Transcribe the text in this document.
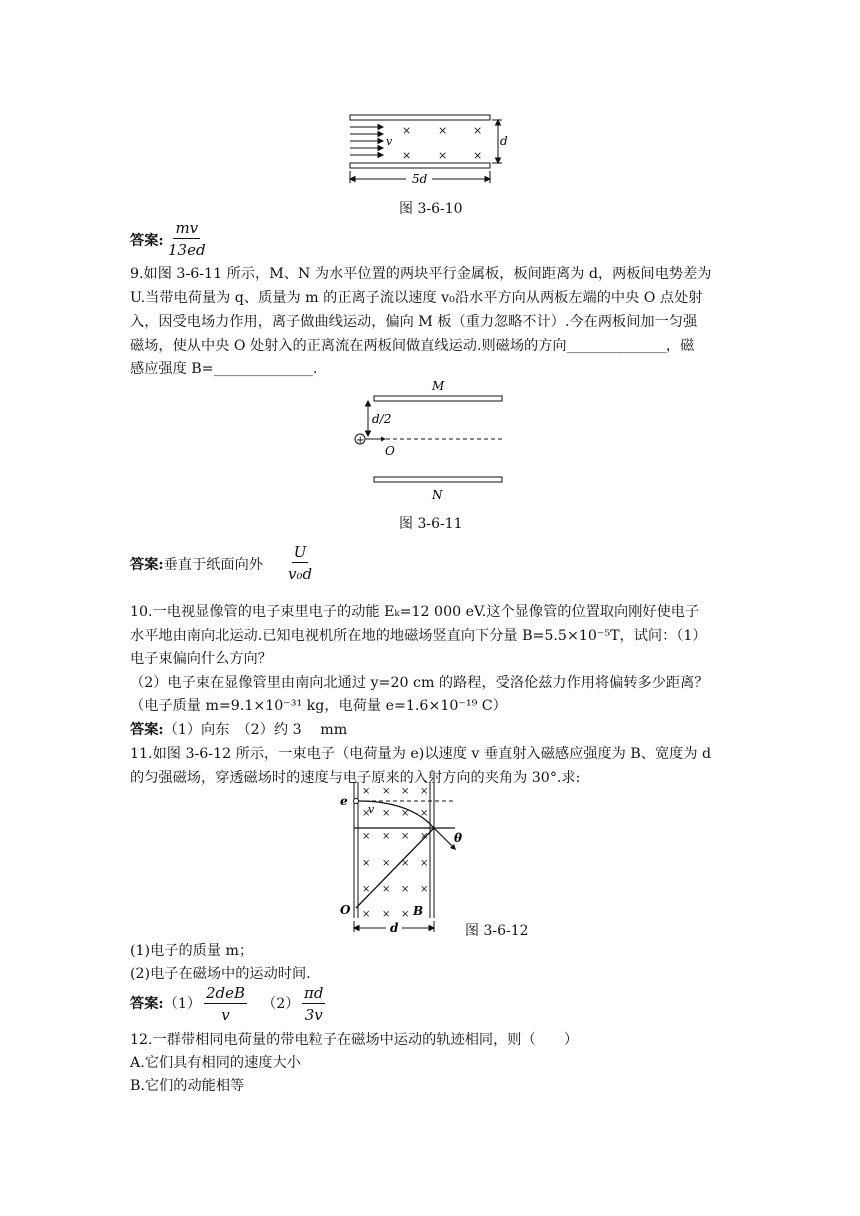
v
× × ×
× × ×
d
5d
图 3-6-10
答案: $\frac{mv}{13ed}$
9.如图 3-6-11 所示，M、N 为水平位置的两块平行金属板，板间距离为 d，两板间电势差为
U.当带电荷量为 q、质量为 m 的正离子流以速度 v₀沿水平方向从两板左端的中央 O 点处射
入，因受电场力作用，离子做曲线运动，偏向 M 板（重力忽略不计）.今在两板间加一匀强
磁场，使从中央 O 处射入的正离流在两板间做直线运动.则磁场的方向______________，磁
感应强度 B=______________.
M
d/2
+
O
N
图 3-6-11
答案:垂直于纸面向外 $\frac{U}{\text{v₀d}}$
10.一电视显像管的电子束里电子的动能 Eₖ=12 000 eV.这个显像管的位置取向刚好使电子
水平地由南向北运动.已知电视机所在地的地磁场竖直向下分量 B=5.5×10⁻⁵T，试问：（1）
电子束偏向什么方向？
（2）电子束在显像管里由南向北通过 y=20 cm 的路程，受洛伦兹力作用将偏转多少距离？
（电子质量 m=9.1×10⁻³¹ kg，电荷量 e=1.6×10⁻¹⁹ C）
答案:（1）向东　（2）约 3　 mm
11.如图 3-6-12 所示，一束电子（电荷量为 e)以速度 v 垂直射入磁感应强度为 B、宽度为 d
的匀强磁场，穿透磁场时的速度与电子原来的入射方向的夹角为 30°.求:
× × × ×
× × × ×
× × × ×
× × × ×
× × × ×
× × ×
e
v
θ
O	B
d	图 3-6-12
(1)电子的质量 m；
(2)电子在磁场中的运动时间.
答案:（1）
2deB
v
$(2) \frac{\pi d}{3v}$
12.一群带相同电荷量的带电粒子在磁场中运动的轨迹相同，则（　　）
A.它们具有相同的速度大小
B.它们的动能相等
